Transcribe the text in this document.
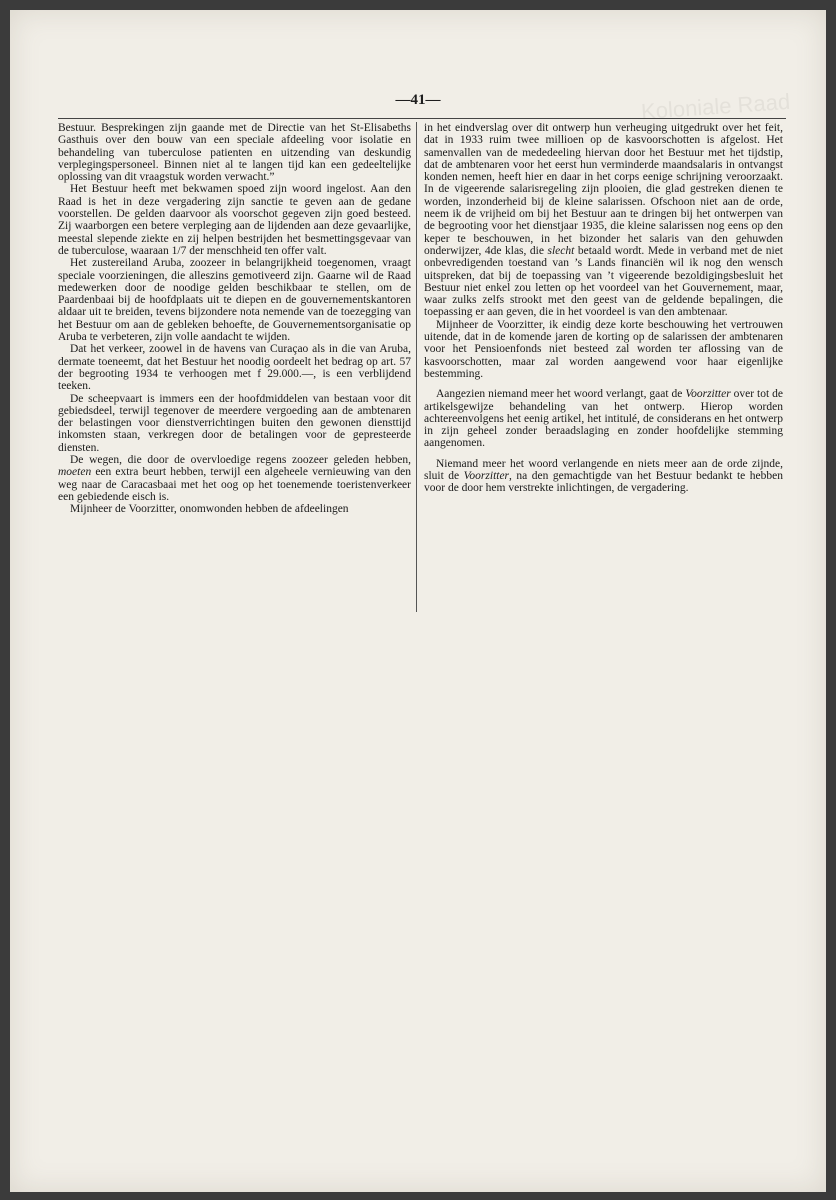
Koloniale Raad
—41—

Bestuur. Besprekingen zijn gaande met de Directie van het St-Elisabeths Gasthuis over den bouw van een speciale afdeeling voor isolatie en behandeling van tuberculose patienten en uitzending van deskundig verplegingspersoneel. Binnen niet al te langen tijd kan een gedeeltelijke oplossing van dit vraagstuk worden verwacht.”

Het Bestuur heeft met bekwamen spoed zijn woord ingelost. Aan den Raad is het in deze vergadering zijn sanctie te geven aan de gedane voorstellen. De gelden daarvoor als voorschot gegeven zijn goed besteed. Zij waarborgen een betere verpleging aan de lijdenden aan deze gevaarlijke, meestal slepende ziekte en zij helpen bestrijden het besmettingsgevaar van de tuberculose, waaraan 1/7 der menschheid ten offer valt.

Het zustereiland Aruba, zoozeer in belangrijkheid toegenomen, vraagt speciale voorzieningen, die alleszins gemotiveerd zijn. Gaarne wil de Raad medewerken door de noodige gelden beschikbaar te stellen, om de Paardenbaai bij de hoofdplaats uit te diepen en de gouvernementskantoren aldaar uit te breiden, tevens bijzondere nota nemende van de toezegging van het Bestuur om aan de gebleken behoefte, de Gouvernementsorganisatie op Aruba te verbeteren, zijn volle aandacht te wijden.

Dat het verkeer, zoowel in de havens van Curaçao als in die van Aruba, dermate toeneemt, dat het Bestuur het noodig oordeelt het bedrag op art. 57 der begrooting 1934 te verhoogen met f 29.000.—, is een verblijdend teeken.

De scheepvaart is immers een der hoofdmiddelen van bestaan voor dit gebiedsdeel, terwijl tegenover de meerdere vergoeding aan de ambtenaren der belastingen voor dienstverrichtingen buiten den gewonen diensttijd inkomsten staan, verkregen door de betalingen voor de gepresteerde diensten.

De wegen, die door de overvloedige regens zoozeer geleden hebben, moeten een extra beurt hebben, terwijl een algeheele vernieuwing van den weg naar de Caracasbaai met het oog op het toenemende toeristenverkeer een gebiedende eisch is.

Mijnheer de Voorzitter, onomwonden hebben de afdeelingen

in het eindverslag over dit ontwerp hun verheuging uitgedrukt over het feit, dat in 1933 ruim twee millioen op de kasvoorschotten is afgelost. Het samenvallen van de mededeeling hiervan door het Bestuur met het tijdstip, dat de ambtenaren voor het eerst hun verminderde maandsalaris in ontvangst konden nemen, heeft hier en daar in het corps eenige schrijning veroorzaakt. In de vigeerende salarisregeling zijn plooien, die glad gestreken dienen te worden, inzonderheid bij de kleine salarissen. Ofschoon niet aan de orde, neem ik de vrijheid om bij het Bestuur aan te dringen bij het ontwerpen van de begrooting voor het dienstjaar 1935, die kleine salarissen nog eens op den keper te beschouwen, in het bizonder het salaris van den gehuwden onderwijzer, 4de klas, die slecht betaald wordt. Mede in verband met de niet onbevredigenden toestand van ’s Lands financiën wil ik nog den wensch uitspreken, dat bij de toepassing van ’t vigeerende bezoldigingsbesluit het Bestuur niet enkel zou letten op het voordeel van het Gouvernement, maar, waar zulks zelfs strookt met den geest van de geldende bepalingen, die toepassing er aan geven, die in het voordeel is van den ambtenaar.

Mijnheer de Voorzitter, ik eindig deze korte beschouwing het vertrouwen uitende, dat in de komende jaren de korting op de salarissen der ambtenaren voor het Pensioenfonds niet besteed zal worden ter aflossing van de kasvoorschotten, maar zal worden aangewend voor haar eigenlijke bestemming.

Aangezien niemand meer het woord verlangt, gaat de Voorzitter over tot de artikelsgewijze behandeling van het ontwerp. Hierop worden achtereenvolgens het eenig artikel, het intitulé, de considerans en het ontwerp in zijn geheel zonder beraadslaging en zonder hoofdelijke stemming aangenomen.

Niemand meer het woord verlangende en niets meer aan de orde zijnde, sluit de Voorzitter, na den gemachtigde van het Bestuur bedankt te hebben voor de door hem verstrekte inlichtingen, de vergadering.
